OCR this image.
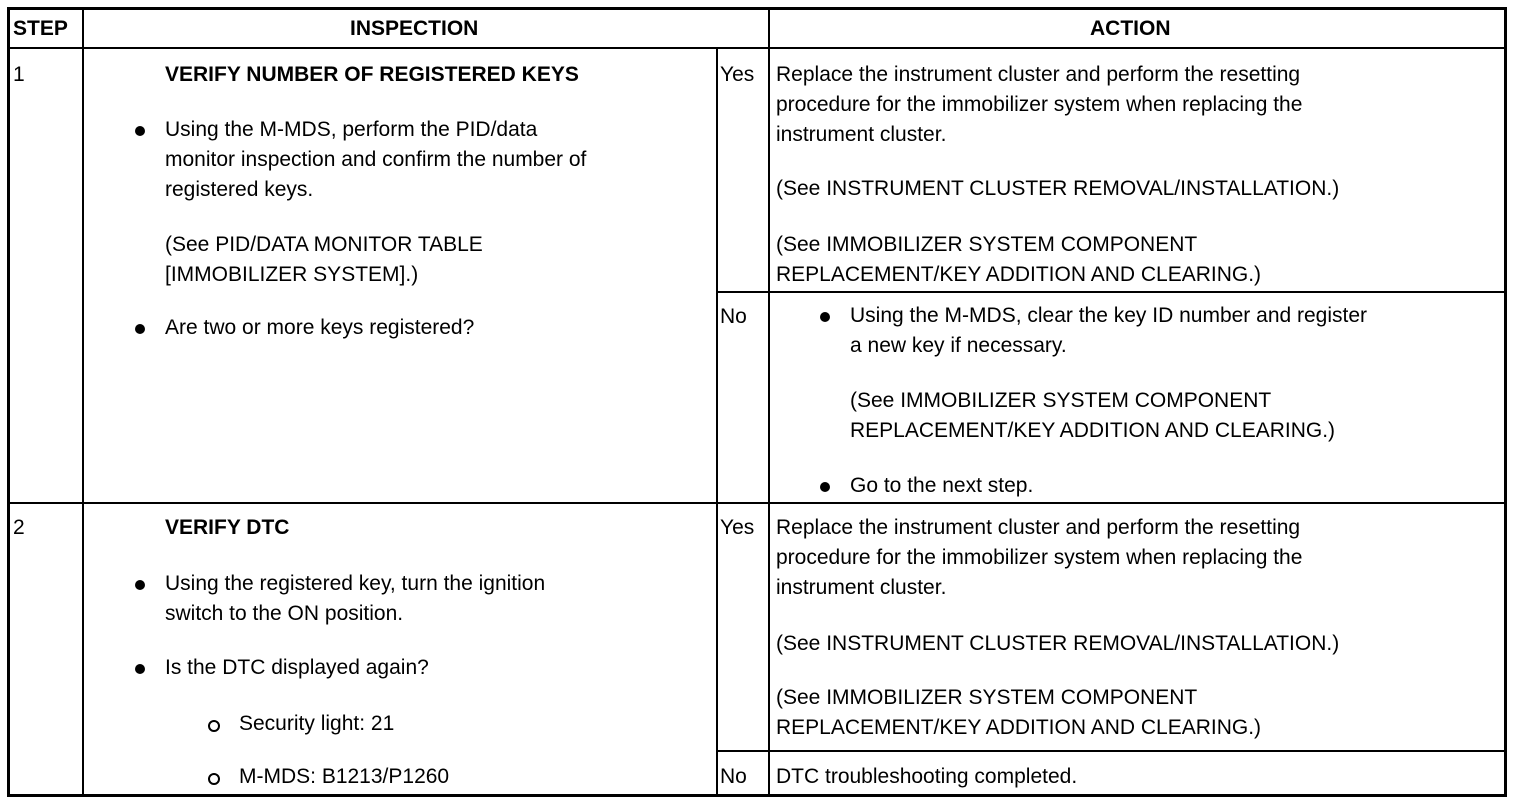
STEP	INSPECTION	ACTION
1	VERIFY NUMBER OF REGISTERED KEYS
Using the M-MDS, perform the PID/data
monitor inspection and confirm the number of
registered keys.
(See PID/DATA MONITOR TABLE
[IMMOBILIZER SYSTEM].)
Are two or more keys registered?
Yes Replace the instrument cluster and perform the resetting
procedure for the immobilizer system when replacing the
instrument cluster.
(See INSTRUMENT CLUSTER REMOVAL/INSTALLATION.)
(See IMMOBILIZER SYSTEM COMPONENT
REPLACEMENT/KEY ADDITION AND CLEARING.)
No	Using the M-MDS, clear the key ID number and register
a new key if necessary.
(See IMMOBILIZER SYSTEM COMPONENT
REPLACEMENT/KEY ADDITION AND CLEARING.)
Go to the next step.
2	VERIFY DTC
Using the registered key, turn the ignition
switch to the ON position.
Is the DTC displayed again?
Security light: 21
M-MDS: B1213/P1260
Yes Replace the instrument cluster and perform the resetting
procedure for the immobilizer system when replacing the
instrument cluster.
(See INSTRUMENT CLUSTER REMOVAL/INSTALLATION.)
(See IMMOBILIZER SYSTEM COMPONENT
REPLACEMENT/KEY ADDITION AND CLEARING.)
No DTC troubleshooting completed.
